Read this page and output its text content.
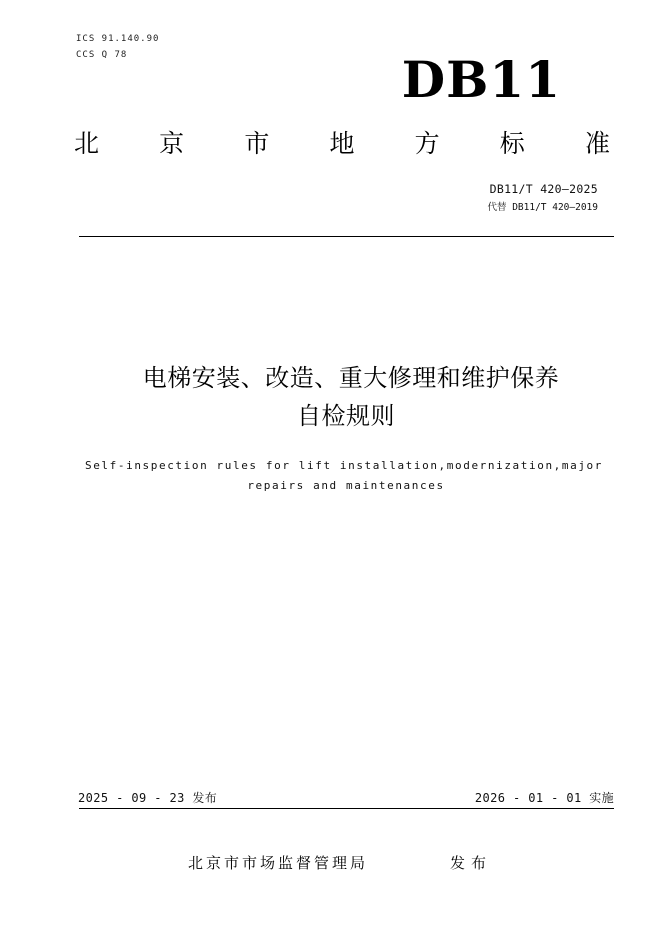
ICS 91.140.90
CCS Q 78	DB11
北 京 市 地 方 标 准
DB11/T 420—2025
代替 DB11/T 420—2019
电梯安装、改造、重大修理和维护保养
自检规则
Self-inspection rules for lift installation,modernization,major
repairs and maintenances
2025 - 09 - 23 发布	2026 - 01 - 01 实施
北京市市场监督管理局	发布
